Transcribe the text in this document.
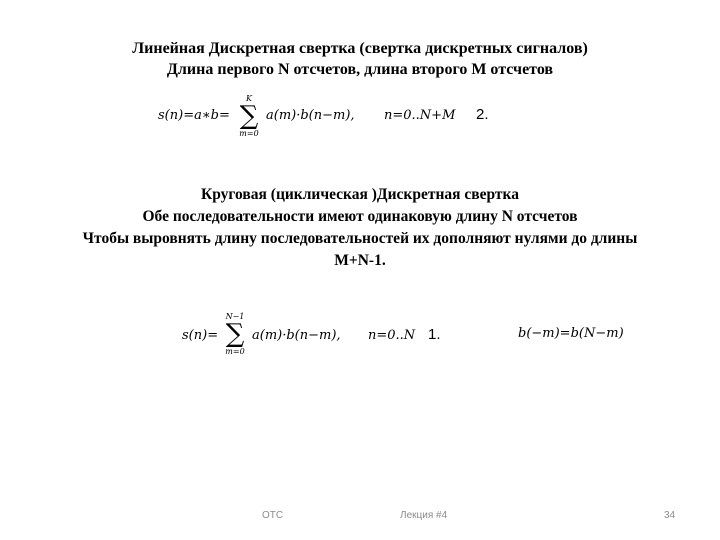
Линейная Дискретная свертка (свертка дискретных сигналов)
Длина первого N отсчетов, длина второго M отсчетов
s(n)=a∗b=
K
∑
m=0
a(m)·b(n−m), n=0..N+M 2.
Круговая (циклическая )Дискретная свертка
Обе последовательности имеют одинаковую длину N отсчетов
Чтобы выровнять длину последовательностей их дополняют нулями до длины
M+N-1.
s(n)=
N−1
∑
m=0
a(m)·b(n−m), n=0..N 1.	b(−m)=b(N−m)
ОТС	Лекция #4	34
